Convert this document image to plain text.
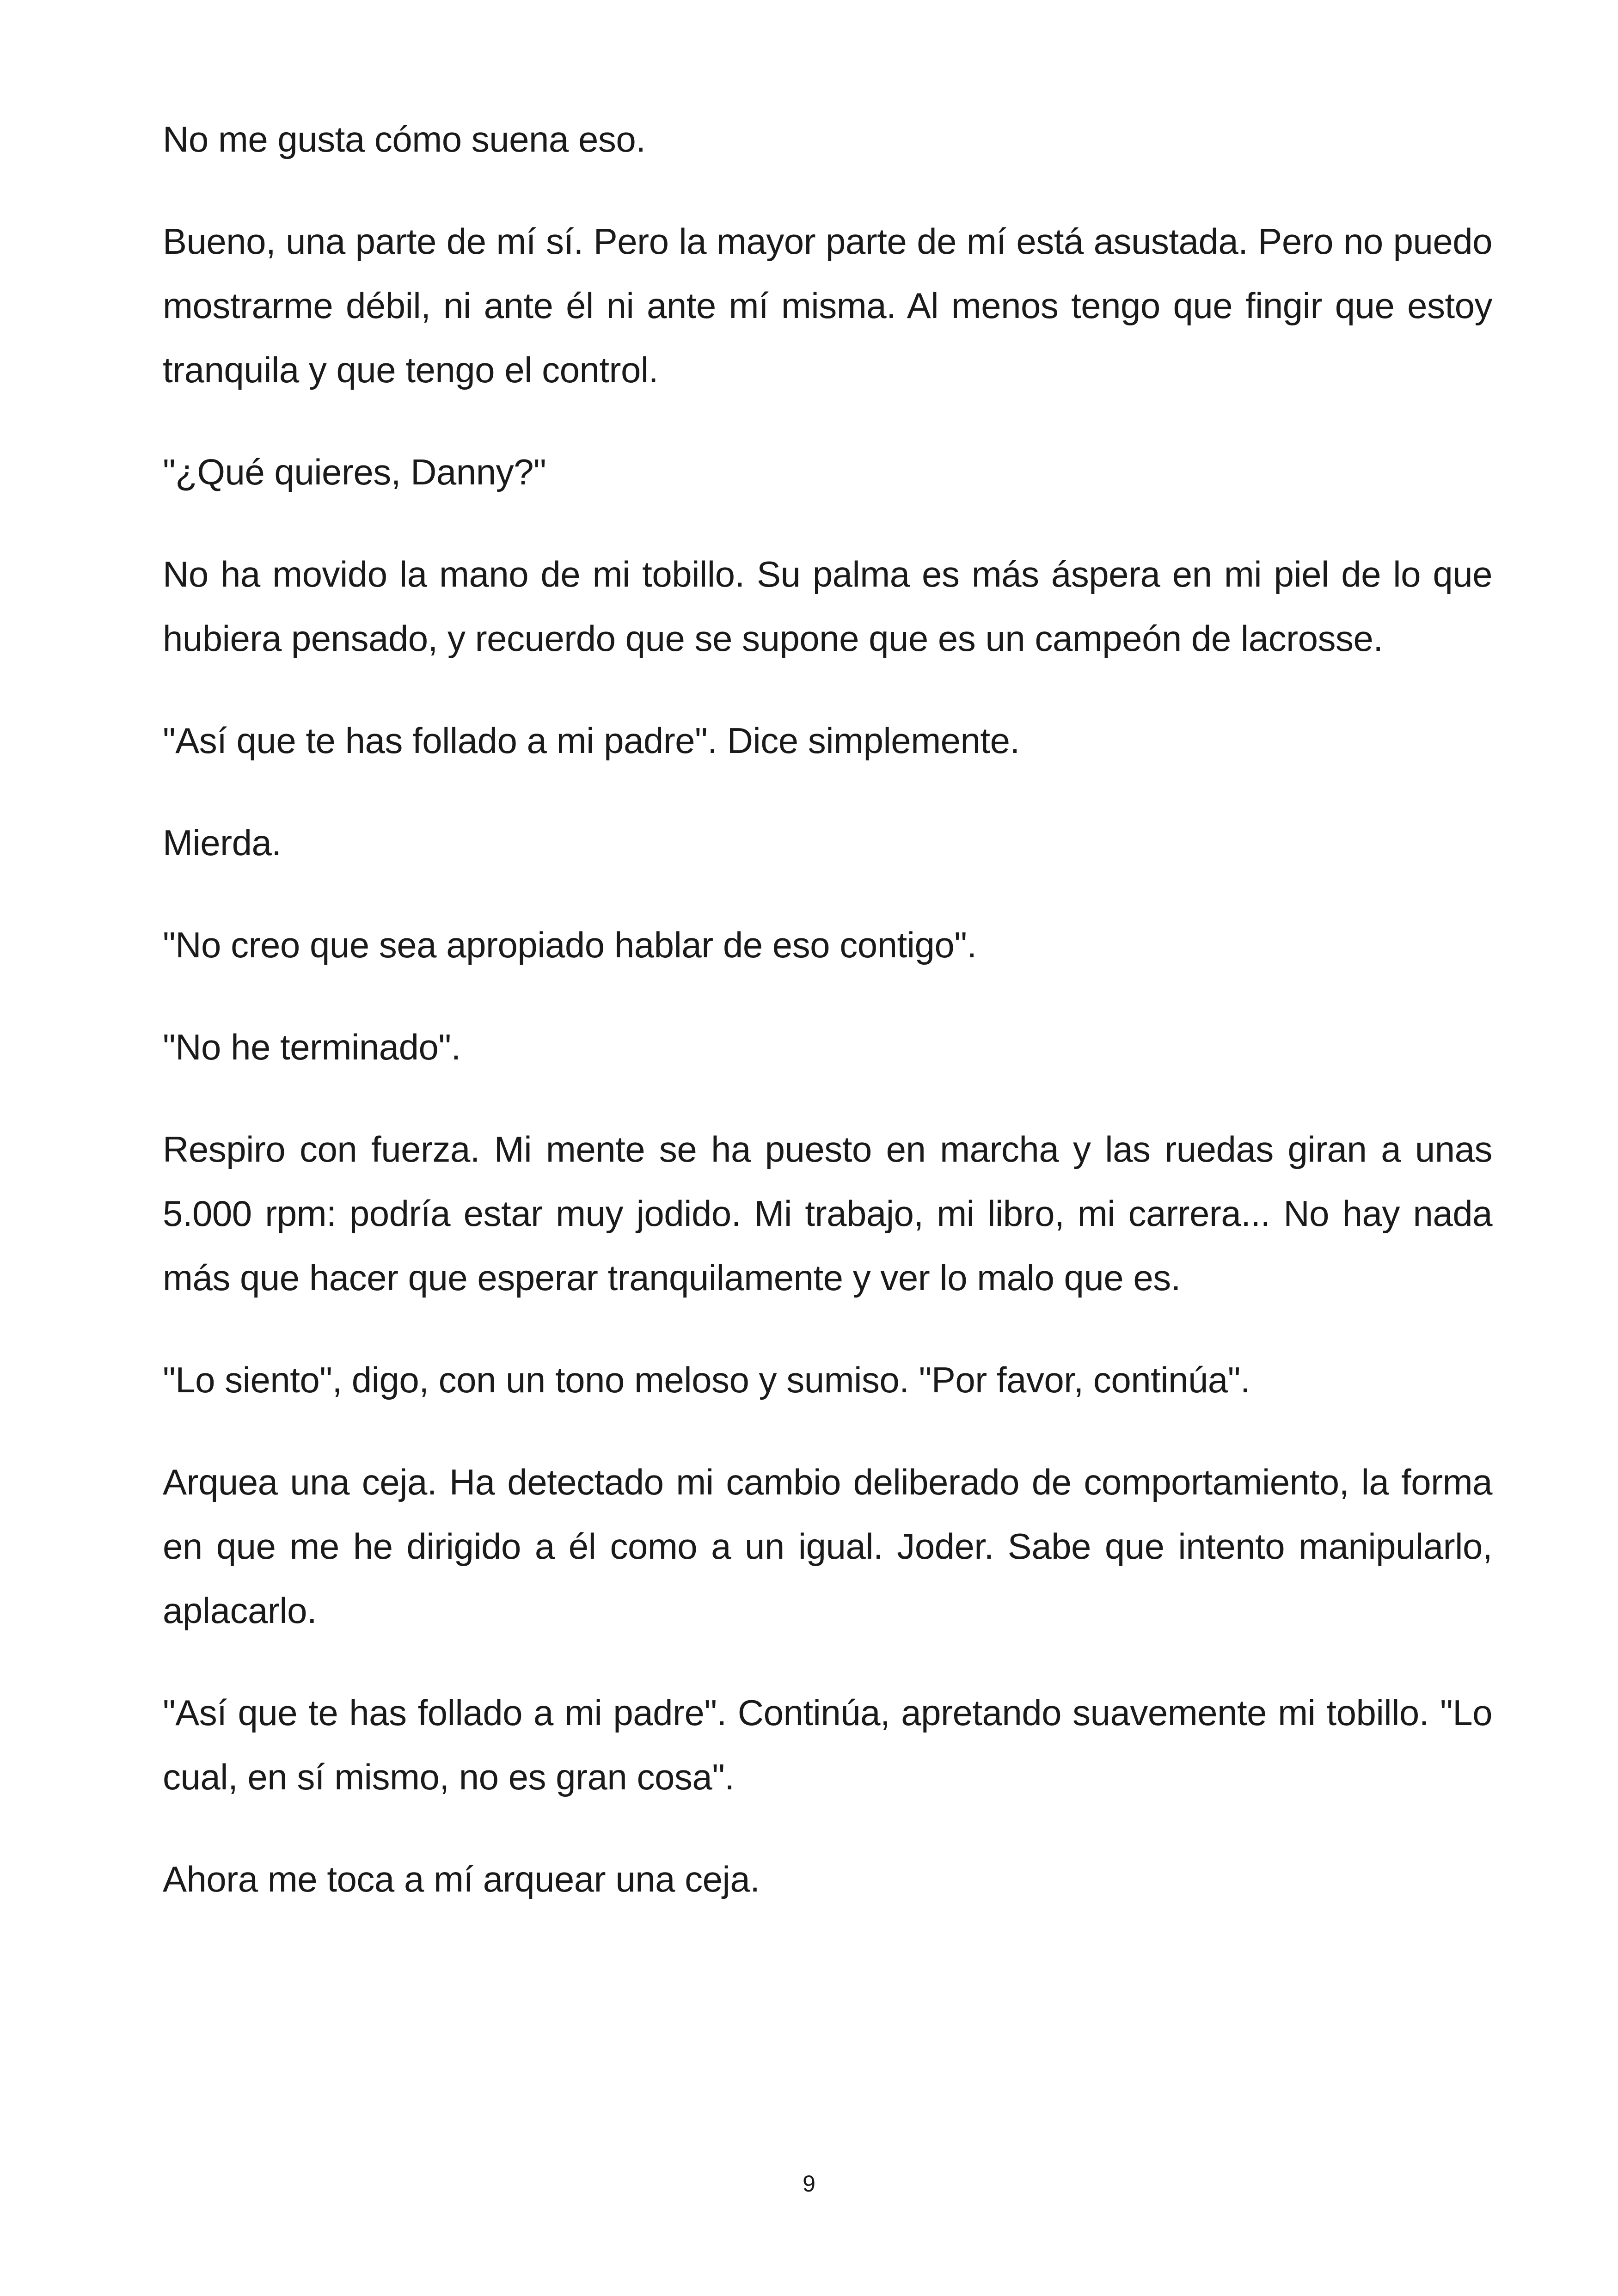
No me gusta cómo suena eso.

Bueno, una parte de mí sí. Pero la mayor parte de mí está asustada. Pero no puedo mostrarme débil, ni ante él ni ante mí misma. Al menos tengo que fingir que estoy tranquila y que tengo el control.

"¿Qué quieres, Danny?"

No ha movido la mano de mi tobillo. Su palma es más áspera en mi piel de lo que hubiera pensado, y recuerdo que se supone que es un campeón de lacrosse.

"Así que te has follado a mi padre". Dice simplemente.

Mierda.

"No creo que sea apropiado hablar de eso contigo".

"No he terminado".

Respiro con fuerza. Mi mente se ha puesto en marcha y las ruedas giran a unas 5.000 rpm: podría estar muy jodido. Mi trabajo, mi libro, mi carrera... No hay nada más que hacer que esperar tranquilamente y ver lo malo que es.

"Lo siento", digo, con un tono meloso y sumiso. "Por favor, continúa".

Arquea una ceja. Ha detectado mi cambio deliberado de comportamiento, la forma en que me he dirigido a él como a un igual. Joder. Sabe que intento manipularlo, aplacarlo.

"Así que te has follado a mi padre". Continúa, apretando suavemente mi tobillo. "Lo cual, en sí mismo, no es gran cosa".

Ahora me toca a mí arquear una ceja.

9
